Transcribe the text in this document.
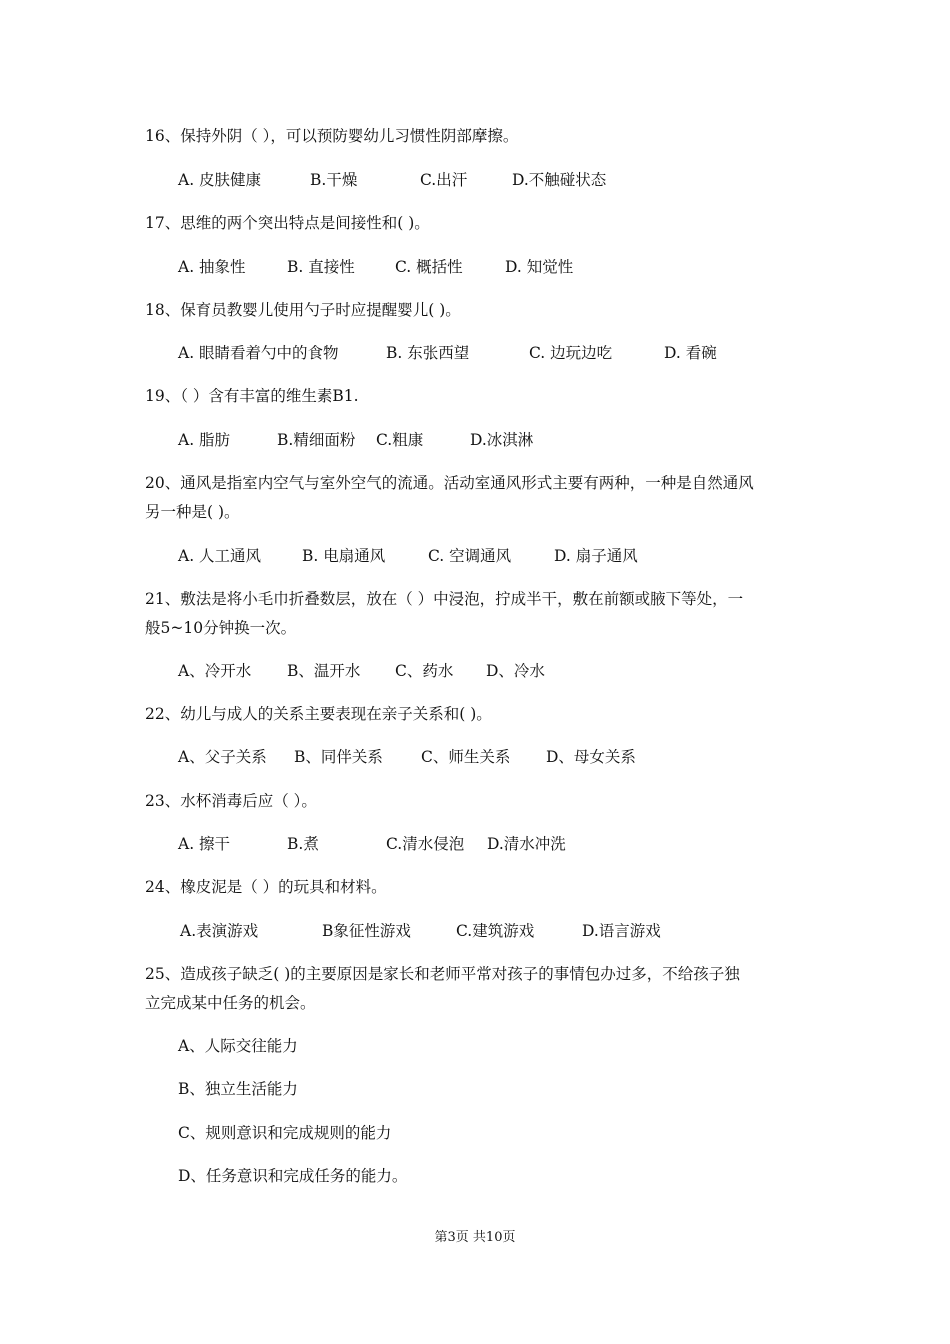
16、保持外阴（ ），可以预防婴幼儿习惯性阴部摩擦。
A. 皮肤健康	B.干燥	C.出汗	D.不触碰状态
17、思维的两个突出特点是间接性和( )。
A. 抽象性	B. 直接性	C. 概括性	D. 知觉性
18、保育员教婴儿使用勺子时应提醒婴儿( )。
A. 眼睛看着勺中的食物	B. 东张西望	C. 边玩边吃	D. 看碗
19、（ ）含有丰富的维生素B1.
A. 脂肪	B.精细面粉 C.粗康	D.冰淇淋
20、通风是指室内空气与室外空气的流通。活动室通风形式主要有两种，一种是自然通风
另一种是( )。
A. 人工通风	B. 电扇通风	C. 空调通风	D. 扇子通风
21、敷法是将小毛巾折叠数层，放在（ ）中浸泡，拧成半干，敷在前额或腋下等处，一
般5~10分钟换一次。
A、冷开水 B、温开水 C、药水 D、冷水
22、幼儿与成人的关系主要表现在亲子关系和( )。
A、父子关系 B、同伴关系 C、师生关系 D、母女关系
23、水杯消毒后应（ ）。
A. 擦干	B.煮	C.清水侵泡 D.清水冲洗
24、橡皮泥是（ ）的玩具和材料。
A.表演游戏	B象征性游戏	C.建筑游戏	D.语言游戏
25、造成孩子缺乏( )的主要原因是家长和老师平常对孩子的事情包办过多，不给孩子独
立完成某中任务的机会。
A、人际交往能力
B、独立生活能力
C、规则意识和完成规则的能力
D、任务意识和完成任务的能力。
第3页 共10页
